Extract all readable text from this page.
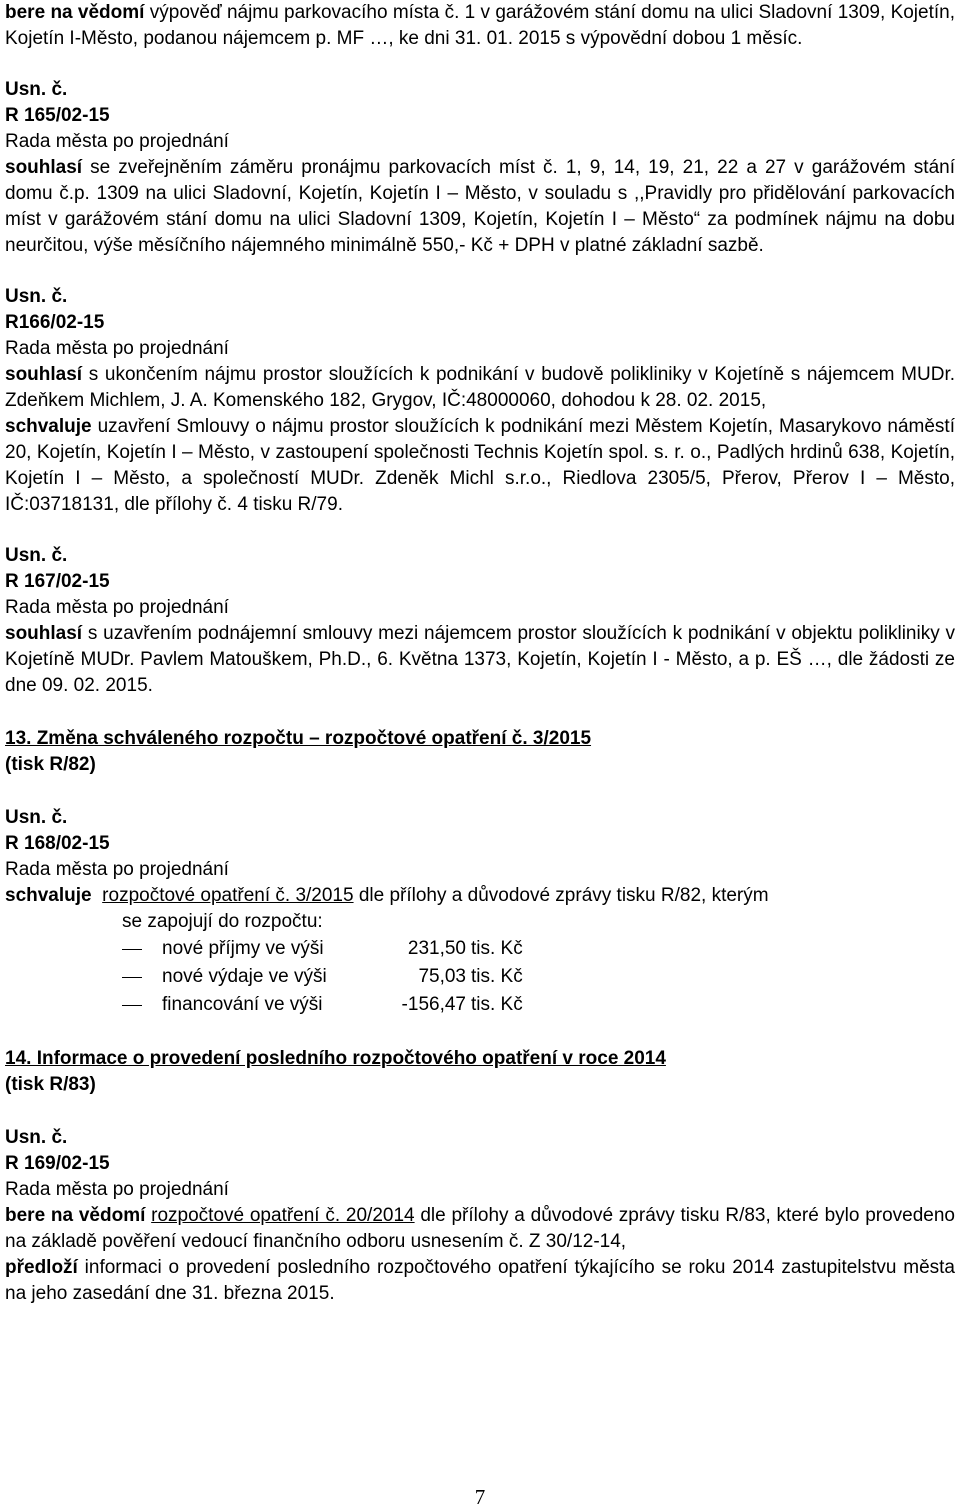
bere na vědomí výpověď nájmu parkovacího místa č. 1 v garážovém stání domu na ulici Sladovní 1309, Kojetín, Kojetín I-Město, podanou nájemcem p. MF …, ke dni 31. 01. 2015 s výpovědní dobou 1 měsíc.

Usn. č.

R 165/02-15

Rada města po projednání

souhlasí se zveřejněním záměru pronájmu parkovacích míst č. 1, 9, 14, 19, 21, 22 a 27 v garážovém stání domu č.p. 1309 na ulici Sladovní, Kojetín, Kojetín I – Město, v souladu s ,,Pravidly pro přidělování parkovacích míst v garážovém stání domu na ulici Sladovní 1309, Kojetín, Kojetín I – Město“ za podmínek nájmu na dobu neurčitou, výše měsíčního nájemného minimálně 550,- Kč + DPH v platné základní sazbě.

Usn. č.

R166/02-15

Rada města po projednání

souhlasí s ukončením nájmu prostor sloužících k podnikání v budově polikliniky v Kojetíně s nájemcem MUDr. Zdeňkem Michlem, J. A. Komenského 182, Grygov, IČ:48000060, dohodou k 28. 02. 2015,

schvaluje uzavření Smlouvy o nájmu prostor sloužících k podnikání mezi Městem Kojetín, Masarykovo náměstí 20, Kojetín, Kojetín I – Město, v zastoupení společnosti Technis Kojetín spol. s. r. o., Padlých hrdinů 638, Kojetín, Kojetín I – Město, a společností MUDr. Zdeněk Michl s.r.o., Riedlova 2305/5, Přerov, Přerov I – Město, IČ:03718131, dle přílohy č. 4 tisku R/79.

Usn. č.

R 167/02-15

Rada města po projednání

souhlasí s uzavřením podnájemní smlouvy mezi nájemcem prostor sloužících k podnikání v objektu polikliniky v Kojetíně MUDr. Pavlem Matouškem, Ph.D., 6. Května 1373, Kojetín, Kojetín I - Město, a p. EŠ …, dle žádosti ze dne 09. 02. 2015.

13. Změna schváleného rozpočtu – rozpočtové opatření č. 3/2015

(tisk R/82)

Usn. č.

R 168/02-15

Rada města po projednání

schvaluje rozpočtové opatření č. 3/2015 dle přílohy a důvodové zprávy tisku R/82, kterým

se zapojují do rozpočtu:

nové příjmy ve výši	231,50 tis. Kč
nové výdaje ve výši	75,03 tis. Kč
financování ve výši	-156,47 tis. Kč

14. Informace o provedení posledního rozpočtového opatření v roce 2014

(tisk R/83)

Usn. č.

R 169/02-15

Rada města po projednání

bere na vědomí rozpočtové opatření č. 20/2014 dle přílohy a důvodové zprávy tisku R/83, které bylo provedeno na základě pověření vedoucí finančního odboru usnesením č. Z 30/12-14,

předloží informaci o provedení posledního rozpočtového opatření týkajícího se roku 2014 zastupitelstvu města na jeho zasedání dne 31. března 2015.

7
